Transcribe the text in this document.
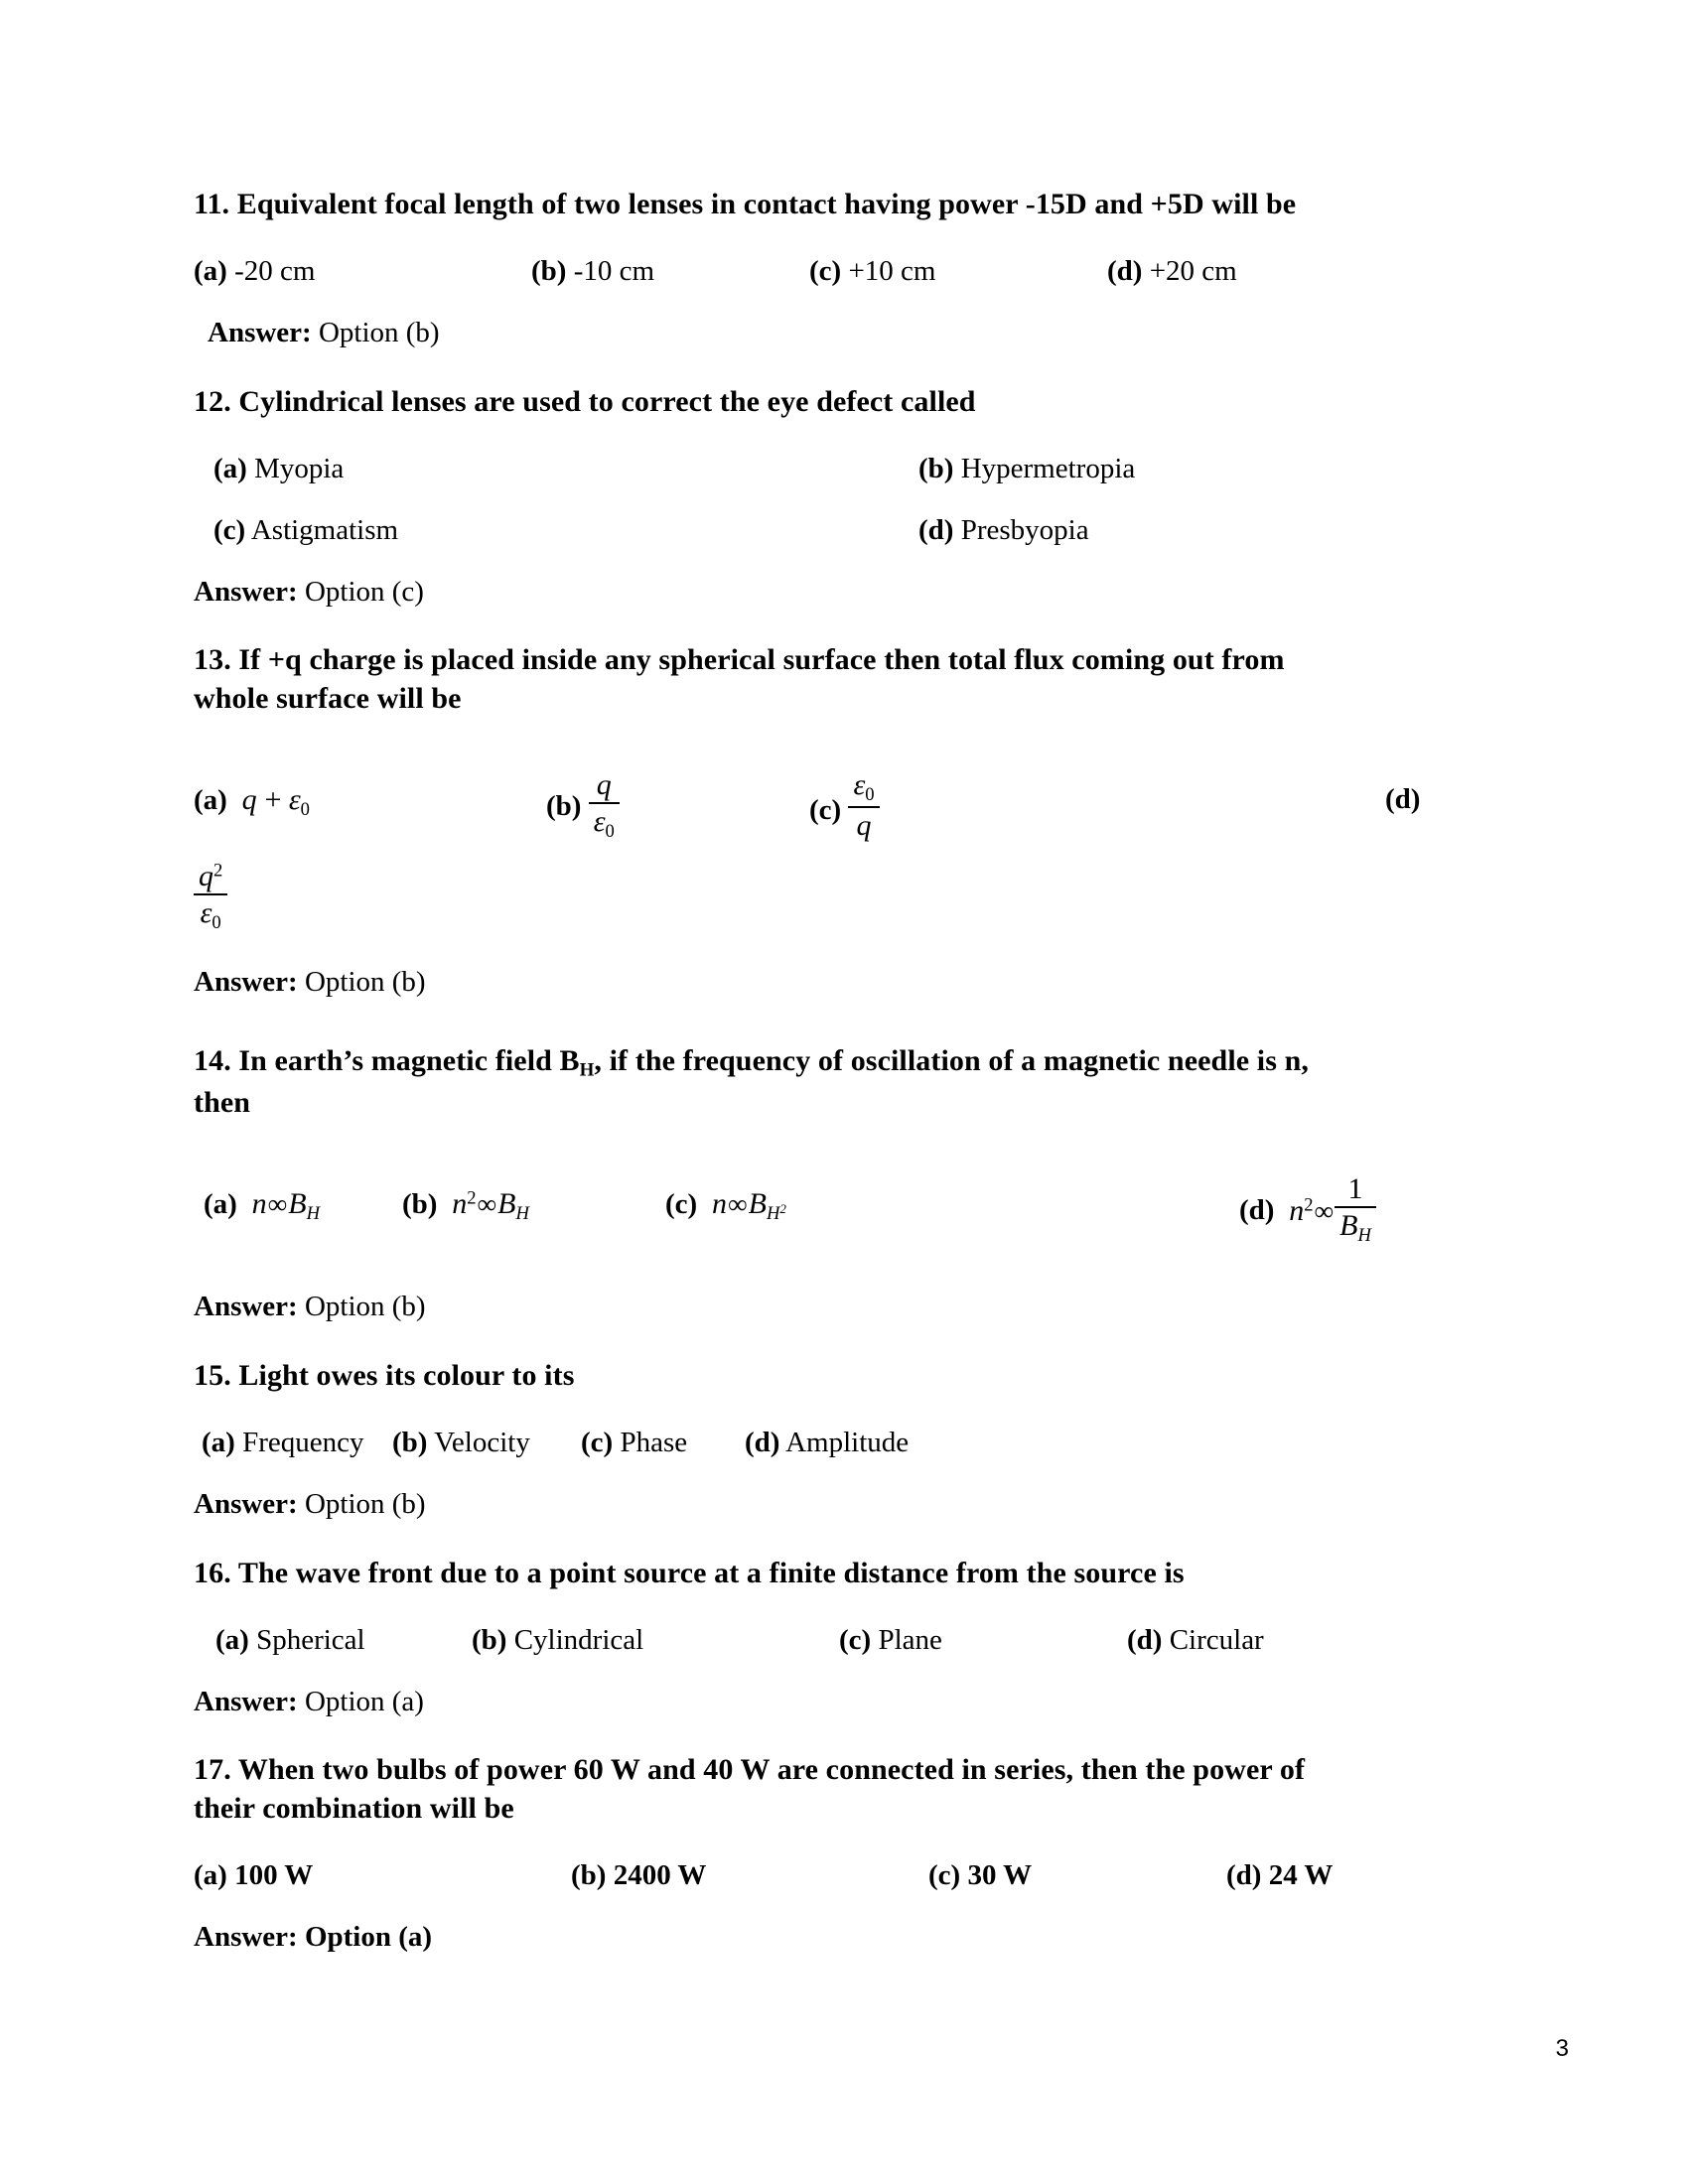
11. Equivalent focal length of two lenses in contact having power -15D and +5D will be
(a) -20 cm	(b) -10 cm	(c) +10 cm	(d) +20 cm
Answer: Option (b)
12. Cylindrical lenses are used to correct the eye defect called
(a) Myopia	(b) Hypermetropia
(c) Astigmatism	(d) Presbyopia
Answer: Option (c)
13. If +q charge is placed inside any spherical surface then total flux coming out from
whole surface will be
(a)  q + ε0	$(b) \frac{q}{\varepsilon 0}$	$(c) \frac{\varepsilon 0}{q}$	(d)
$\frac{q^2}{\varepsilon 0}$
Answer: Option (b)
14. In earth’s magnetic field BH, if the frequency of oscillation of a magnetic needle is n,
then
(a)  $n\infty B_H$	(b)  $n^2\infty B_H$	(c)  $n\infty B_{H^2}$	(d)  $n^2\infty \frac{1}{B_H}$
Answer: Option (b)
15. Light owes its colour to its
(a) Frequency (b) Velocity (c) Phase (d) Amplitude
Answer: Option (b)
16. The wave front due to a point source at a finite distance from the source is
(a) Spherical	(b) Cylindrical	(c) Plane	(d) Circular
Answer: Option (a)
17. When two bulbs of power 60 W and 40 W are connected in series, then the power of
their combination will be
(a) 100 W	(b) 2400 W	(c) 30 W	(d) 24 W
Answer: Option (a)
3
